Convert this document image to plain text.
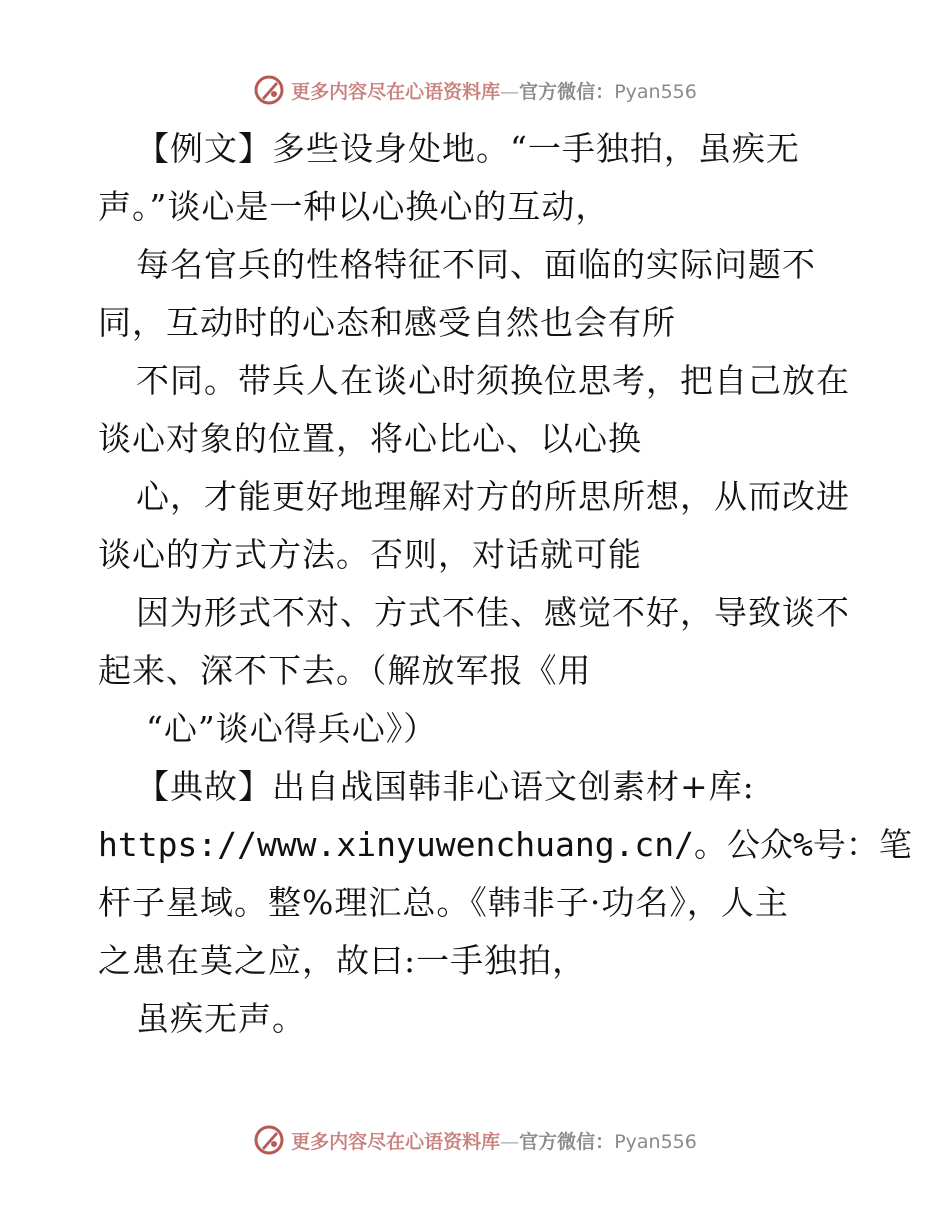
更多内容尽在心语资料库—官方微信：Pyan556
【例文】多些设身处地。“一手独拍，虽疾无
声。”谈心是一种以心换心的互动，
每名官兵的性格特征不同、面临的实际问题不
同，互动时的心态和感受自然也会有所
不同。带兵人在谈心时须换位思考，把自己放在
谈心对象的位置，将心比心、以心换
心，才能更好地理解对方的所思所想，从而改进
谈心的方式方法。否则，对话就可能
因为形式不对、方式不佳、感觉不好，导致谈不
起来、深不下去。（解放军报《用
“心”谈心得兵心》）
【典故】出自战国韩非心语文创素材+库:
https://www.xinyuwenchuang.cn/。公众%号：笔
杆子星域。整%理汇总。《韩非子·功名》，人主
之患在莫之应，故曰:一手独拍，
虽疾无声。
更多内容尽在心语资料库—官方微信：Pyan556
